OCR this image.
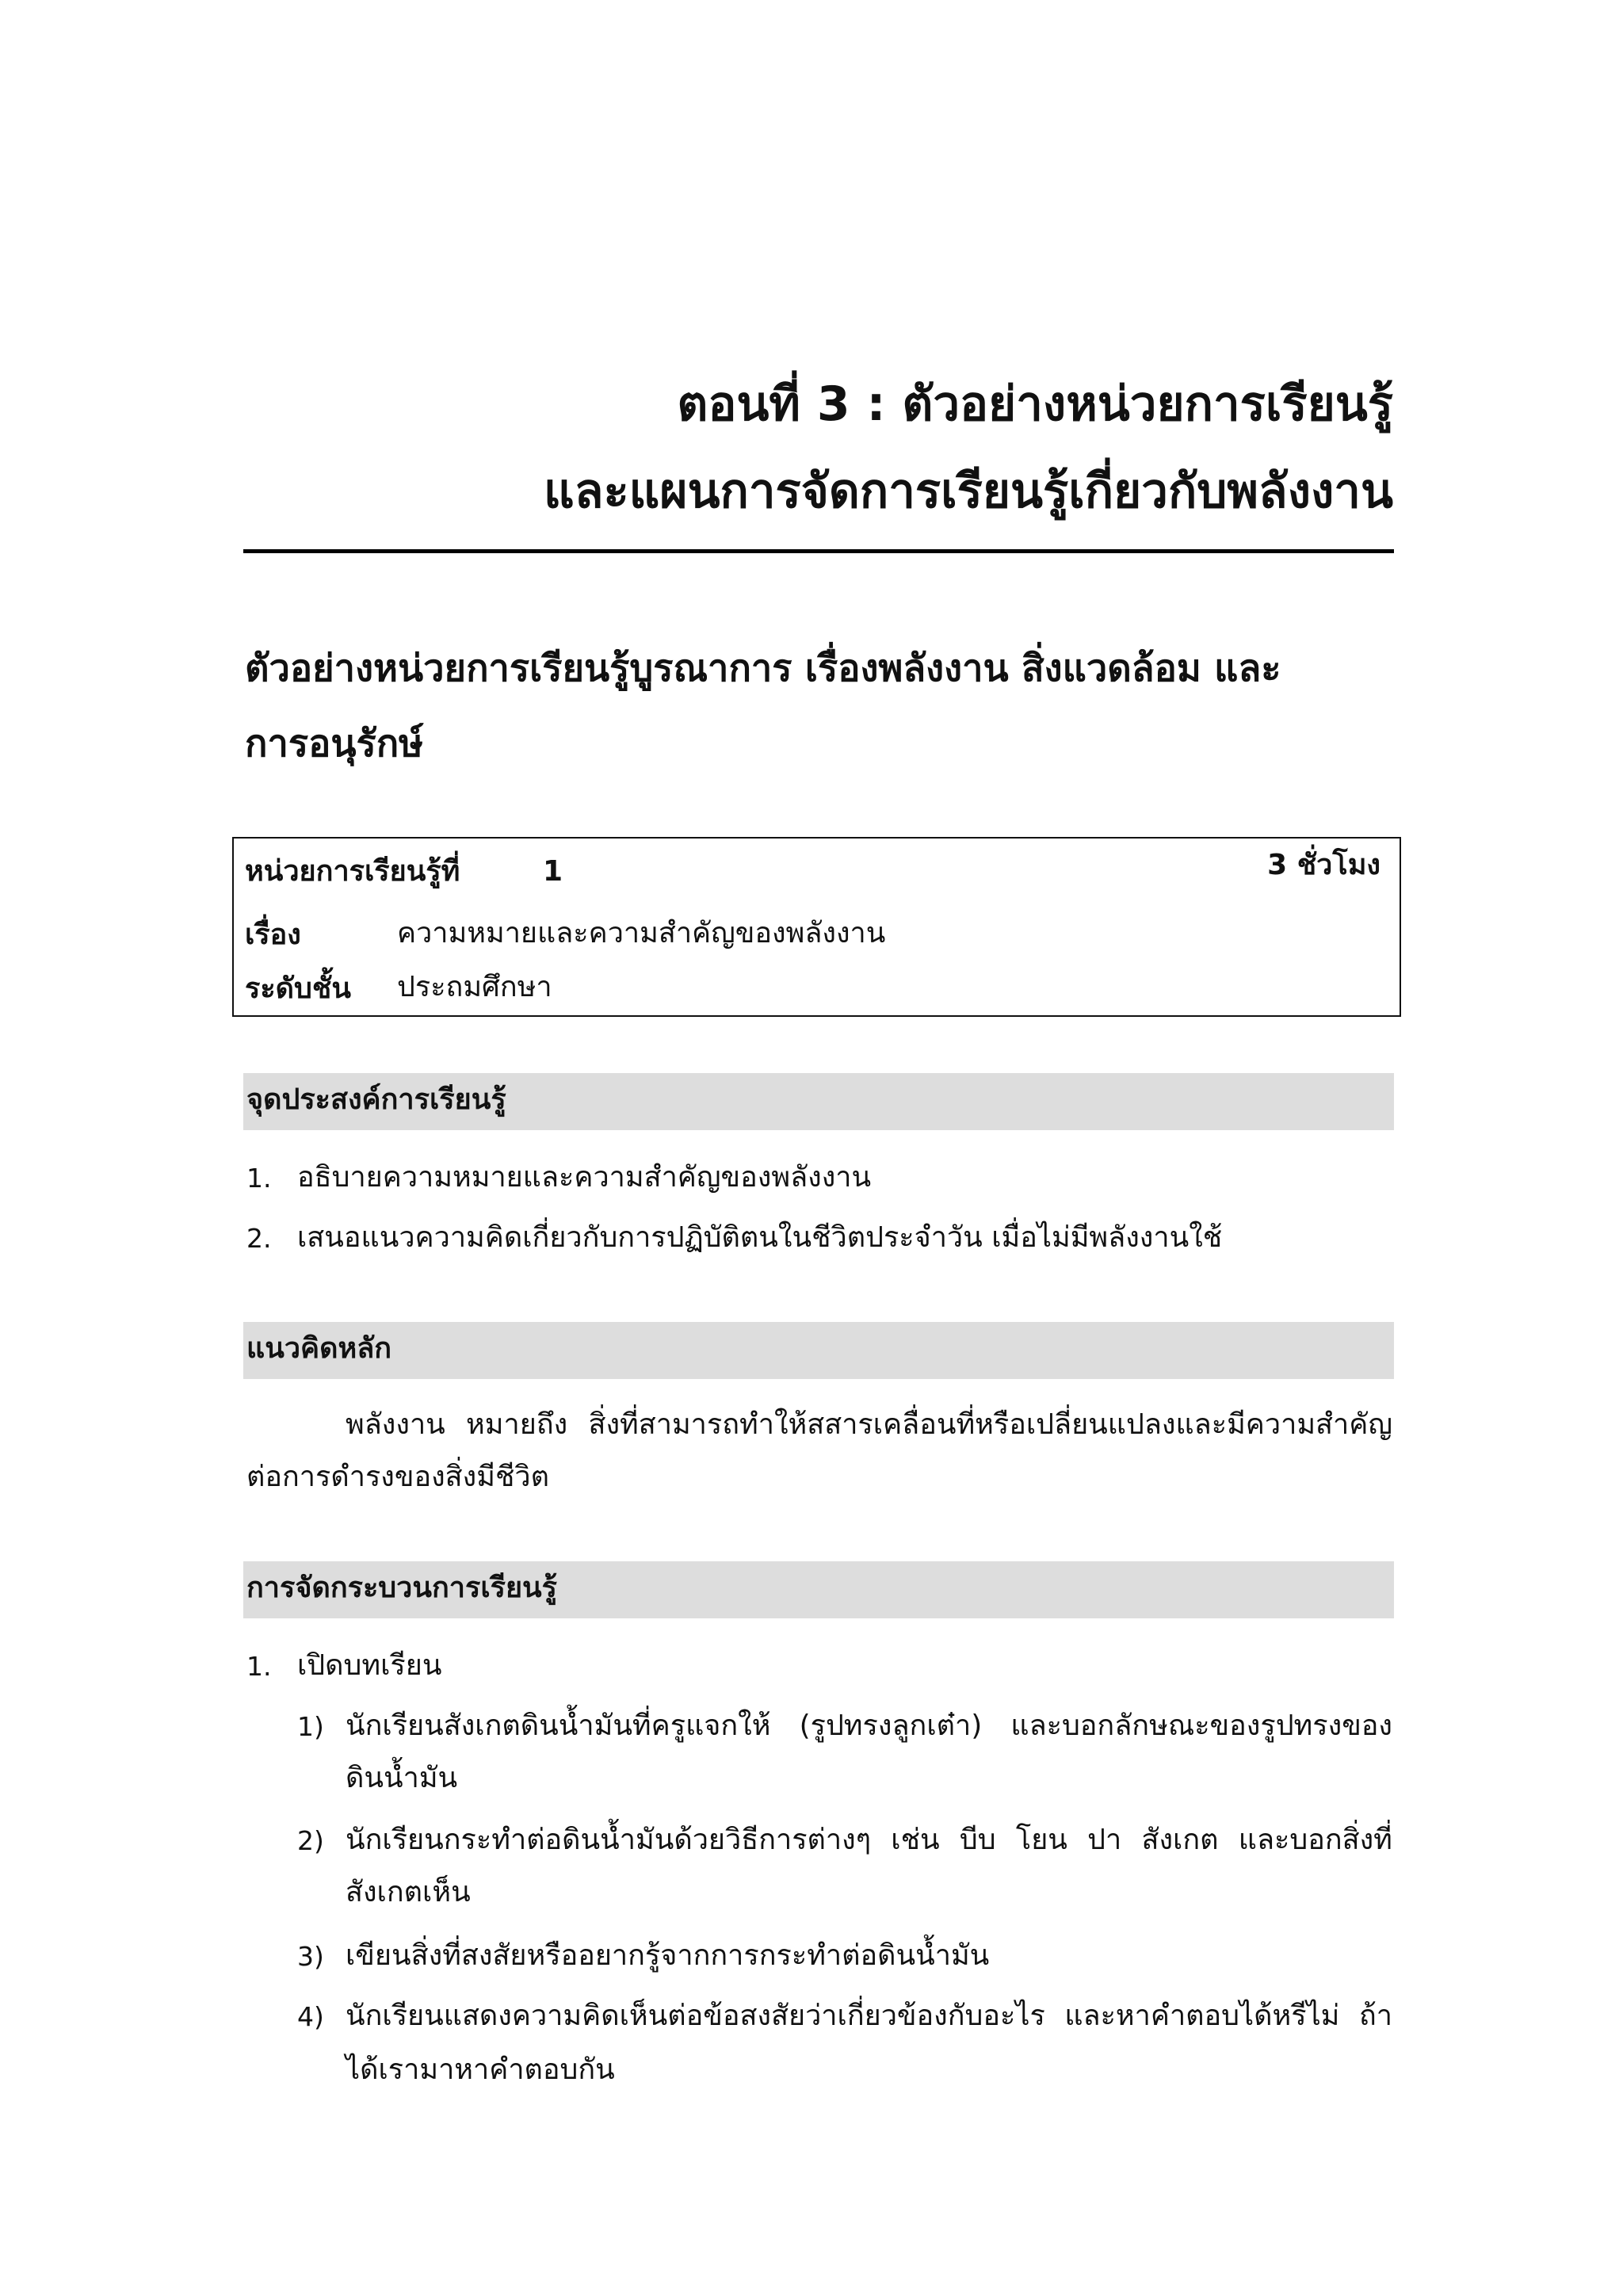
ตอนที่ 3 : ตัวอย่างหน่วยการเรียนรู้
และแผนการจัดการเรียนรู้เกี่ยวกับพลังงาน
ตัวอย่างหน่วยการเรียนรู้บูรณาการ เรื่องพลังงาน สิ่งแวดล้อม และ
การอนุรักษ์
หน่วยการเรียนรู้ที่	1	3 ชั่วโมง
เรื่อง	ความหมายและความสำคัญของพลังงาน
ระดับชั้น ประถมศึกษา
จุดประสงค์การเรียนรู้
1. อธิบายความหมายและความสำคัญของพลังงาน
2. เสนอแนวความคิดเกี่ยวกับการปฏิบัติตนในชีวิตประจำวัน เมื่อไม่มีพลังงานใช้
แนวคิดหลัก
พลังงาน หมายถึง สิ่งที่สามารถทำให้สสารเคลื่อนที่หรือเปลี่ยนแปลงและมีความสำคัญ
ต่อการดำรงของสิ่งมีชีวิต
การจัดกระบวนการเรียนรู้
1. เปิดบทเรียน
1) นักเรียนสังเกตดินน้ำมันที่ครูแจกให้ (รูปทรงลูกเต๋า) และบอกลักษณะของรูปทรงของ
ดินน้ำมัน
2) นักเรียนกระทำต่อดินน้ำมันด้วยวิธีการต่างๆ เช่น บีบ โยน ปา สังเกต และบอกสิ่งที่
สังเกตเห็น
3) เขียนสิ่งที่สงสัยหรืออยากรู้จากการกระทำต่อดินน้ำมัน
4) นักเรียนแสดงความคิดเห็นต่อข้อสงสัยว่าเกี่ยวข้องกับอะไร และหาคำตอบได้หรีไม่ ถ้า
ได้เรามาหาคำตอบกัน
